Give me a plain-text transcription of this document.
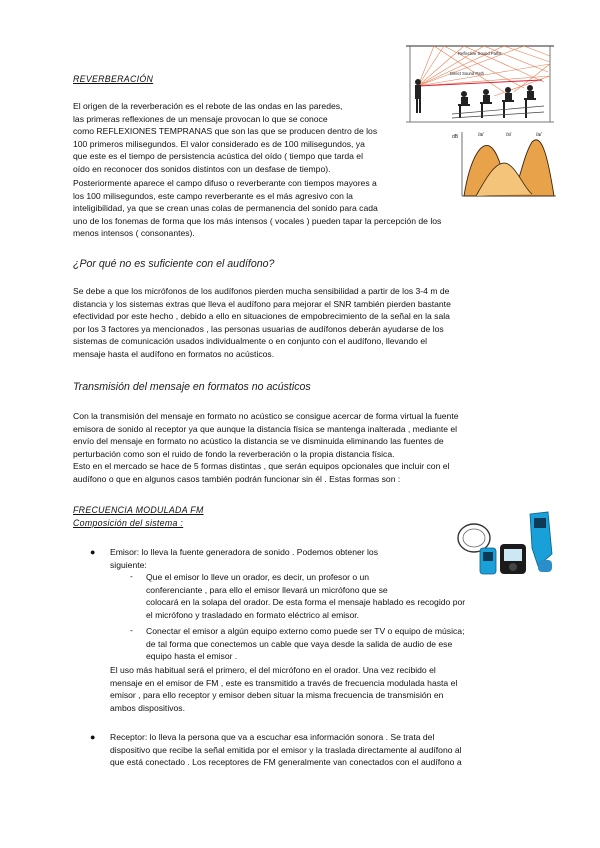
REVERBERACIÓN
Reflective Sound Paths
Direct Sound Path
dB	/a/	/s/	/a/
El origen de la reverberación es el rebote de las ondas en las paredes,
las primeras reflexiones de un mensaje provocan lo que se conoce
como REFLEXIONES TEMPRANAS que son las que se producen dentro de los
100 primeros milisegundos. El valor considerado es de 100 milisegundos, ya
que este es el tiempo de persistencia acústica del oído ( tiempo que tarda el
oído en reconocer dos sonidos distintos con un desfase de tiempo).
Posteriormente aparece el campo difuso o reverberante con tiempos mayores a
los 100 milisegundos, este campo reverberante es el más agresivo con la
inteligibilidad, ya que se crean unas colas de permanencia del sonido para cada
uno de los fonemas de forma que los más intensos ( vocales ) pueden tapar la percepción de los
menos intensos ( consonantes).
¿Por qué no es suficiente con el audífono?
Se debe a que los micrófonos de los audífonos pierden mucha sensibilidad a partir de los 3-4 m de
distancia y los sistemas extras que lleva el audífono para mejorar el SNR también pierden bastante
efectividad por este hecho , debido a ello en situaciones de empobrecimiento de la señal en la sala
por los 3 factores ya mencionados , las personas usuarias de audífonos deberán ayudarse de los
sistemas de comunicación usados individualmente o en conjunto con el audífono, llevando el
mensaje hasta el audífono en formatos no acústicos.
Transmisión del mensaje en formatos no acústicos
Con la transmisión del mensaje en formato no acústico se consigue acercar de forma virtual la fuente
emisora de sonido al receptor ya que aunque la distancia física se mantenga inalterada , mediante el
envío del mensaje en formato no acústico la distancia se ve disminuida eliminando las fuentes de
perturbación como son el ruido de fondo la reverberación o la propia distancia física.
Esto en el mercado se hace de 5 formas distintas , que serán equipos opcionales que incluir con el
audífono o que en algunos casos también podrán funcionar sin él . Estas formas son :
FRECUENCIA MODULADA FM
Composición del sistema :
● Emisor: lo lleva la fuente generadora de sonido . Podemos obtener los
siguiente:
- Que el emisor lo lleve un orador, es decir, un profesor o un
conferenciante , para ello el emisor llevará un micrófono que se
colocará en la solapa del orador. De esta forma el mensaje hablado es recogido por
el micrófono y trasladado en formato eléctrico al emisor.
- Conectar el emisor a algún equipo externo como puede ser TV o equipo de música;
de tal forma que conectemos un cable que vaya desde la salida de audio de ese
equipo hasta el emisor .
El uso más habitual será el primero, el del micrófono en el orador. Una vez recibido el
mensaje en el emisor de FM , este es transmitido a través de frecuencia modulada hasta el
emisor , para ello receptor y emisor deben situar la misma frecuencia de transmisión en
ambos dispositivos.
● Receptor: lo lleva la persona que va a escuchar esa información sonora . Se trata del
dispositivo que recibe la señal emitida por el emisor y la traslada directamente al audífono al
que está conectado . Los receptores de FM generalmente van conectados con el audífono a
